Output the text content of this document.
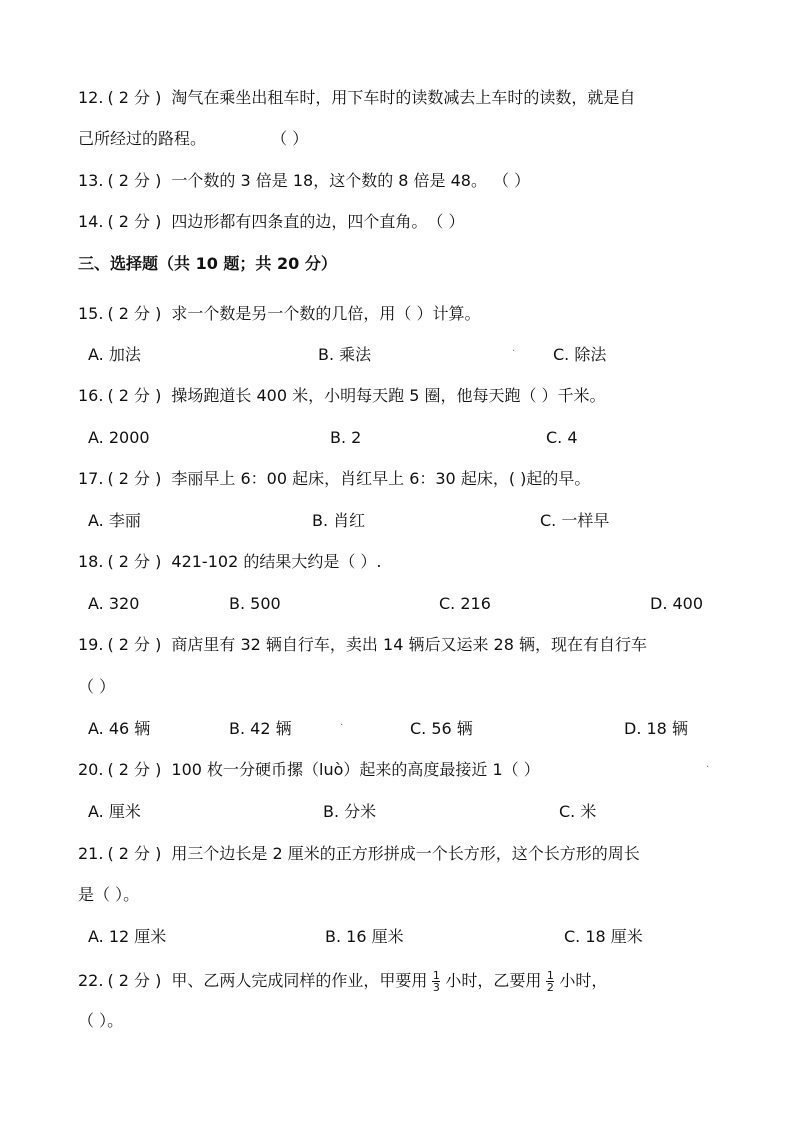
12. ( 2 分 ) 淘气在乘坐出租车时，用下车时的读数减去上车时的读数，就是自
己所经过的路程。	（ ）
13. ( 2 分 ) 一个数的 3 倍是 18，这个数的 8 倍是 48。 （ ）
14. ( 2 分 ) 四边形都有四条直的边，四个直角。 （ ）
三、选择题（共 10 题；共 20 分）
15. ( 2 分 ) 求一个数是另一个数的几倍，用（ ）计算。
A. 加法	B. 乘法	C. 除法
16. ( 2 分 ) 操场跑道长 400 米，小明每天跑 5 圈，他每天跑（ ）千米。
A. 2000	B. 2	C. 4
17. ( 2 分 ) 李丽早上 6：00 起床，肖红早上 6：30 起床，( )起的早。
A. 李丽	B. 肖红	C. 一样早
18. ( 2 分 ) 421-102 的结果大约是（ ）.
A. 320	B. 500	C. 216	D. 400
19. ( 2 分 ) 商店里有 32 辆自行车，卖出 14 辆后又运来 28 辆，现在有自行车
（ ）
A. 46 辆	B. 42 辆	C. 56 辆	D. 18 辆
20. ( 2 分 ) 100 枚一分硬币摞（luò）起来的高度最接近 1（ ）
A. 厘米	B. 分米	C. 米
21. ( 2 分 ) 用三个边长是 2 厘米的正方形拼成一个长方形，这个长方形的周长
是（ ）。
A. 12 厘米	B. 16 厘米	C. 18 厘米
22. ( 2 分 ) 甲、乙两人完成同样的作业，甲要用 $\frac{1}{3}$ 小时，乙要用 $\frac{1}{2}$ 小时，
（ ）。
·
·
·
